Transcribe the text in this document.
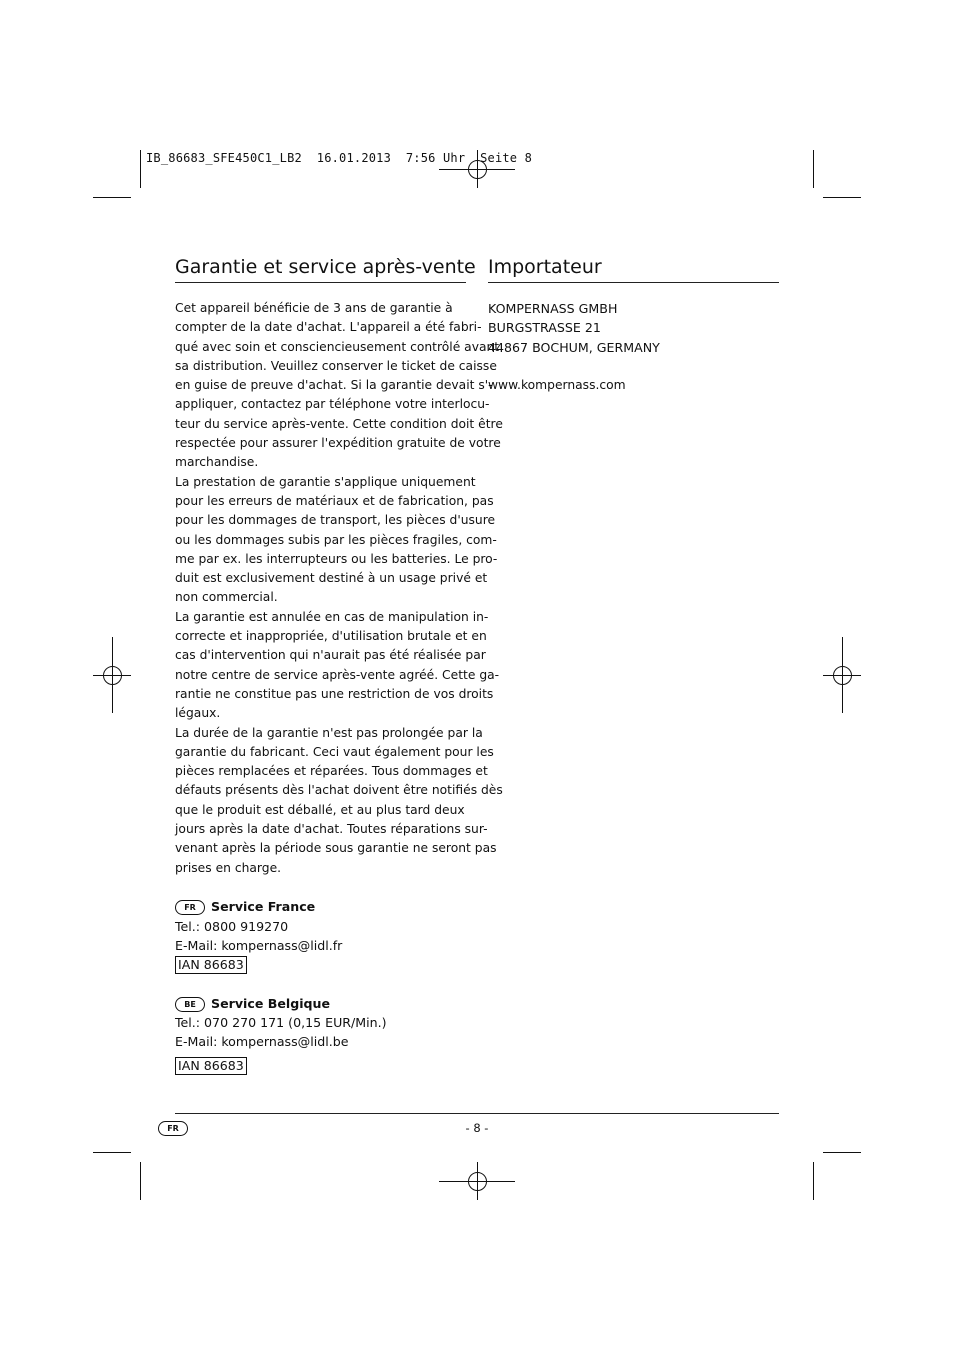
IB_86683_SFE450C1_LB2  16.01.2013  7:56 Uhr  Seite 8
Garantie et service après-vente
Cet appareil bénéficie de 3 ans de garantie à
compter de la date d'achat. L'appareil a été fabri-
qué avec soin et consciencieusement contrôlé avant
sa distribution. Veuillez conserver le ticket de caisse
en guise de preuve d'achat. Si la garantie devait s'-
appliquer, contactez par téléphone votre interlocu-
teur du service après-vente. Cette condition doit être
respectée pour assurer l'expédition gratuite de votre
marchandise.
La prestation de garantie s'applique uniquement
pour les erreurs de matériaux et de fabrication, pas
pour les dommages de transport, les pièces d'usure
ou les dommages subis par les pièces fragiles, com-
me par ex. les interrupteurs ou les batteries. Le pro-
duit est exclusivement destiné à un usage privé et
non commercial.
La garantie est annulée en cas de manipulation in-
correcte et inappropriée, d'utilisation brutale et en
cas d'intervention qui n'aurait pas été réalisée par
notre centre de service après-vente agréé. Cette ga-
rantie ne constitue pas une restriction de vos droits
légaux.
La durée de la garantie n'est pas prolongée par la
garantie du fabricant. Ceci vaut également pour les
pièces remplacées et réparées. Tous dommages et
défauts présents dès l'achat doivent être notifiés dès
que le produit est déballé, et au plus tard deux
jours après la date d'achat. Toutes réparations sur-
venant après la période sous garantie ne seront pas
prises en charge.
FR Service France
Tel.: 0800 919270
E-Mail: kompernass@lidl.fr
IAN 86683
BE Service Belgique
Tel.: 070 270 171 (0,15 EUR/Min.)
E-Mail: kompernass@lidl.be
IAN 86683
Importateur
KOMPERNASS GMBH
BURGSTRASSE 21
44867 BOCHUM, GERMANY
www.kompernass.com
FR	- 8 -
